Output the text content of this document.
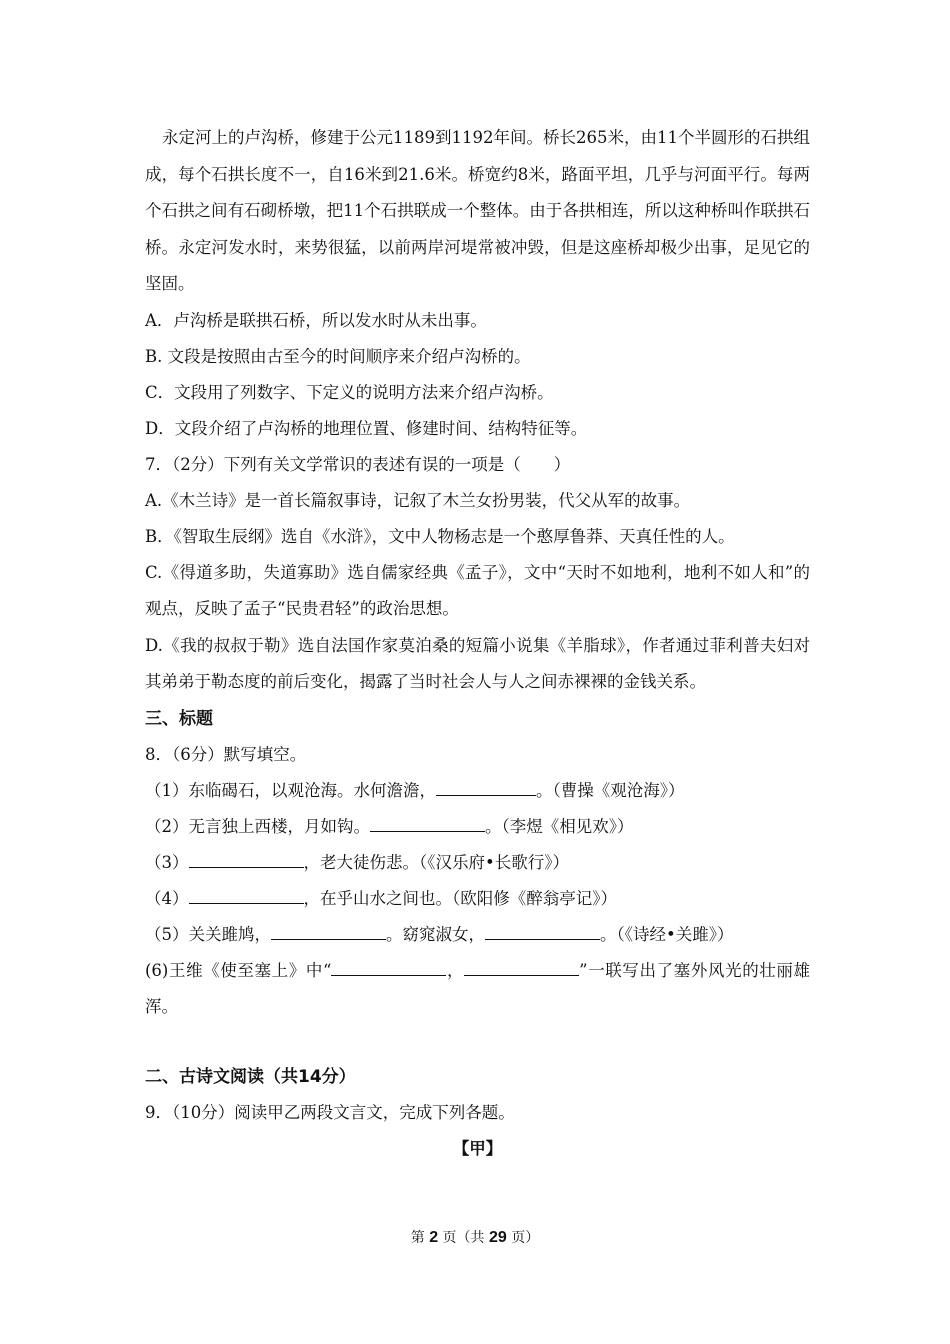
永定河上的卢沟桥，修建于公元1189到1192年间。桥长265米，由11个半圆形的石拱组成，每个石拱长度不一，自16米到21.6米。桥宽约8米，路面平坦，几乎与河面平行。每两个石拱之间有石砌桥墩，把11个石拱联成一个整体。由于各拱相连，所以这种桥叫作联拱石桥。永定河发水时，来势很猛，以前两岸河堤常被冲毁，但是这座桥却极少出事，足见它的坚固。

A．卢沟桥是联拱石桥，所以发水时从未出事。

B. 文段是按照由古至今的时间顺序来介绍卢沟桥的。

C．文段用了列数字、下定义的说明方法来介绍卢沟桥。

D．文段介绍了卢沟桥的地理位置、修建时间、结构特征等。

7．（2分）下列有关文学常识的表述有误的一项是（　　）

A.《木兰诗》是一首长篇叙事诗，记叙了木兰女扮男装，代父从军的故事。

B．《智取生辰纲》选自《水浒》，文中人物杨志是一个憨厚鲁莽、天真任性的人。

C.《得道多助，失道寡助》选自儒家经典《孟子》，文中“天时不如地利，地利不如人和”的观点，反映了孟子“民贵君轻”的政治思想。

D.《我的叔叔于勒》选自法国作家莫泊桑的短篇小说集《羊脂球》，作者通过菲利普夫妇对其弟弟于勒态度的前后变化，揭露了当时社会人与人之间赤裸裸的金钱关系。

三、标题

8．（6分）默写填空。

（1）东临碣石，以观沧海。水何澹澹，	。（曹操《观沧海》）

（2）无言独上西楼，月如钩。	。（李煜《相见欢》）

（3）	，老大徒伤悲。（《汉乐府•长歌行》）

（4）	，在乎山水之间也。（欧阳修《醉翁亭记》）

（5）关关雎鸠，	。窈窕淑女，	。（《诗经•关雎》）

(6)王维《使至塞上》中“	，	”一联写出了塞外风光的壮丽雄浑。

二、古诗文阅读（共14分）

9．（10分）阅读甲乙两段文言文，完成下列各题。

【甲】

第 2 页（共 29 页）
